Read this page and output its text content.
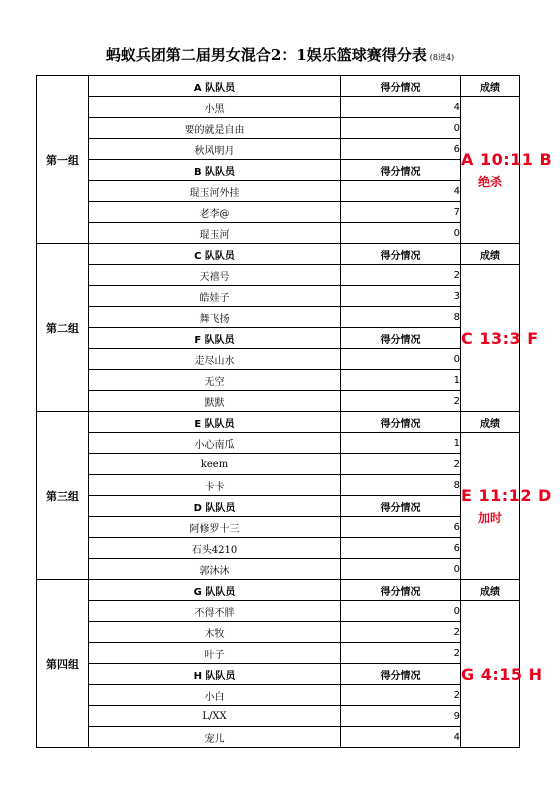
蚂蚁兵团第二届男女混合2：1娱乐篮球赛得分表 (8进4)
第一组	A 队队员	得分情况	成绩
	小黑	4	A 10:11 B
绝杀

	要的就是自由	0	
	秋风明月	6	
	B 队队员	得分情况	
	琨玉河外挂	4	
	老李@	7	
	琨玉河	0	
第二组	C 队队员	得分情况	成绩
	天禧号	2	C 13:3 F

	皓娃子	3	
	舞飞扬	8	
	F 队队员	得分情况	
	走尽山水	0	
	无空	1	
	默默	2	
第三组	E 队队员	得分情况	成绩
	小心南瓜	1	E 11:12 D
加时

	keem	2	
	卡卡	8	
	D 队队员	得分情况	
	阿修罗十三	6	
	石头4210	6	
	郭沐沐	0	
第四组	G 队队员	得分情况	成绩
	不得不胖	0	G 4:15 H

	木牧	2	
	叶子	2	
	H 队队员	得分情况	
	小白	2	
	L/XX	9	
	宠儿	4	
